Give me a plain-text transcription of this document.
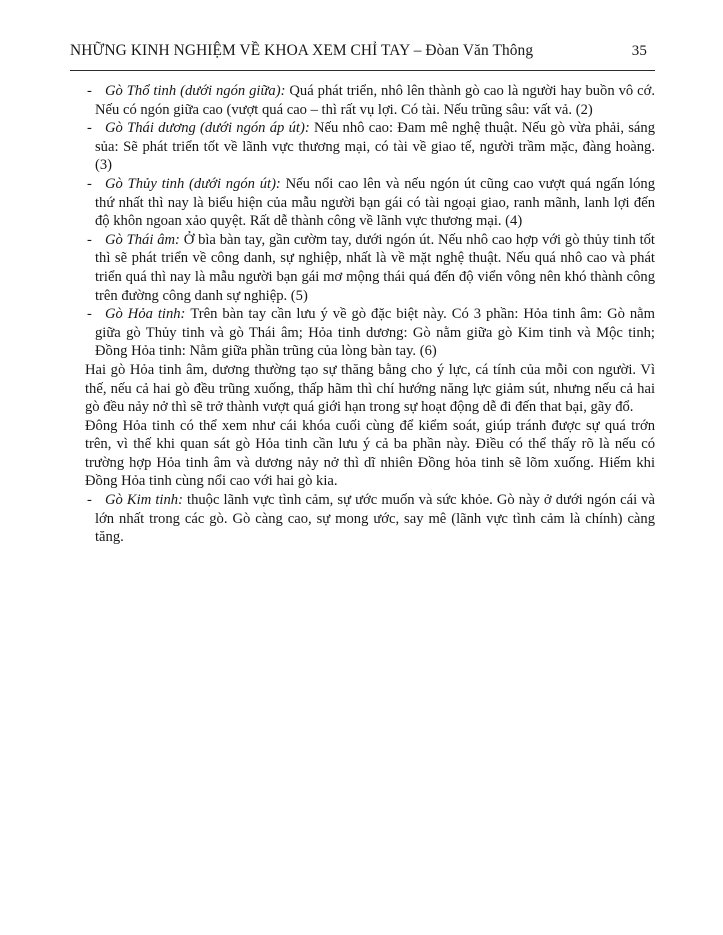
NHỮNG KINH NGHIỆM VỀ KHOA XEM CHỈ TAY – Đòan Văn Thông	35
- Gò Thổ tinh (dưới ngón giữa): Quá phát triển, nhô lên thành gò cao là người hay buồn vô cớ. Nếu có ngón giữa cao (vượt quá cao – thì rất vụ lợi. Có tài. Nếu trũng sâu: vất vả. (2)
- Gò Thái dương (dưới ngón áp út): Nếu nhô cao: Đam mê nghệ thuật. Nếu gò vừa phải, sáng sủa: Sẽ phát triển tốt về lãnh vực thương mại, có tài về giao tế, người trầm mặc, đàng hoàng. (3)
- Gò Thủy tinh (dưới ngón út): Nếu nổi cao lên và nếu ngón út cũng cao vượt quá ngấn lóng thứ nhất thì nay là biểu hiện của mẫu người bạn gái có tài ngoại giao, ranh mãnh, lanh lợi đến độ khôn ngoan xảo quyệt. Rất dễ thành công về lãnh vực thương mại. (4)
- Gò Thái âm: Ở bìa bàn tay, gần cườm tay, dưới ngón út. Nếu nhô cao hợp với gò thủy tinh tốt thì sẽ phát triển về công danh, sự nghiệp, nhất là về mặt nghệ thuật. Nếu quá nhô cao và phát triển quá thì nay là mẫu người bạn gái mơ mộng thái quá đến độ viển vông nên khó thành công trên đường công danh sự nghiệp. (5)
- Gò Hỏa tinh: Trên bàn tay cần lưu ý về gò đặc biệt này. Có 3 phần: Hỏa tinh âm: Gò nằm giữa gò Thủy tinh và gò Thái âm; Hỏa tinh dương: Gò nằm giữa gò Kim tinh và Mộc tinh; Đồng Hỏa tinh: Nằm giữa phần trũng của lòng bàn tay. (6)
Hai gò Hỏa tinh âm, dương thường tạo sự thăng bằng cho ý lực, cá tính của mỗi con người. Vì thế, nếu cả hai gò đều trũng xuống, thấp hãm thì chí hướng năng lực giảm sút, nhưng nếu cả hai gò đều nảy nở thì sẽ trở thành vượt quá giới hạn trong sự hoạt động dễ đi đến that bại, gãy đổ.
Đông Hỏa tinh có thể xem như cái khóa cuối cùng để kiểm soát, giúp tránh được sự quá trớn trên, vì thế khi quan sát gò Hỏa tinh cần lưu ý cả ba phần này. Điều có thể thấy rõ là nếu có trường hợp Hỏa tinh âm và dương nảy nở thì dĩ nhiên Đồng hỏa tinh sẽ lõm xuống. Hiếm khi Đồng Hỏa tinh cùng nổi cao với hai gò kia.
- Gò Kim tinh: thuộc lãnh vực tình cảm, sự ước muốn và sức khỏe. Gò này ở dưới ngón cái và lớn nhất trong các gò. Gò càng cao, sự mong ước, say mê (lãnh vực tình cảm là chính) càng tăng.
